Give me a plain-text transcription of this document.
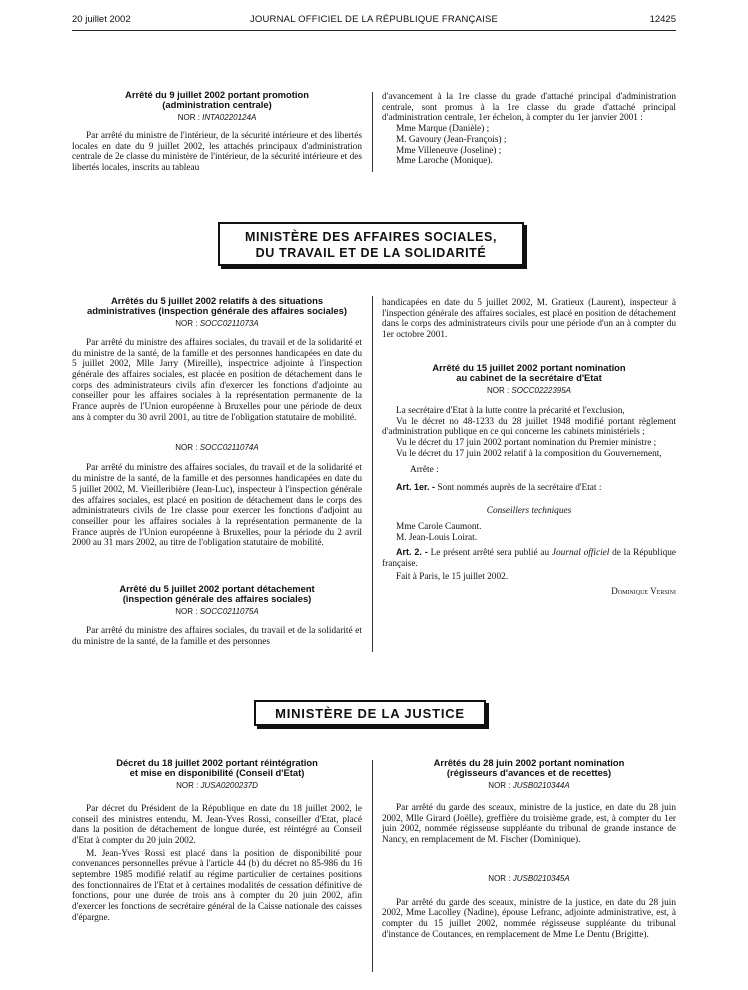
20 juillet 2002	JOURNAL OFFICIEL DE LA RÉPUBLIQUE FRANÇAISE	12425
Arrêté du 9 juillet 2002 portant promotion
(administration centrale)
NOR : INTA0220124A

Par arrêté du ministre de l'intérieur, de la sécurité intérieure et des libertés locales en date du 9 juillet 2002, les attachés principaux d'administration centrale de 2e classe du ministère de l'intérieur, de la sécurité intérieure et des libertés locales, inscrits au tableau

d'avancement à la 1re classe du grade d'attaché principal d'administration centrale, sont promus à la 1re classe du grade d'attaché principal d'administration centrale, 1er échelon, à compter du 1er janvier 2001 :

Mme Marque (Danièle) ;

M. Gavoury (Jean-François) ;

Mme Villeneuve (Joseline) ;

Mme Laroche (Monique).

MINISTÈRE DES AFFAIRES SOCIALES,
DU TRAVAIL ET DE LA SOLIDARITÉ
Arrêtés du 5 juillet 2002 relatifs à des situations
administratives (inspection générale des affaires sociales)
NOR : SOCC0211073A

Par arrêté du ministre des affaires sociales, du travail et de la solidarité et du ministre de la santé, de la famille et des personnes handicapées en date du 5 juillet 2002, Mlle Jarry (Mireille), inspectrice adjointe à l'inspection générale des affaires sociales, est placée en position de détachement dans le corps des administrateurs civils afin d'exercer les fonctions d'adjointe au conseiller pour les affaires sociales à la représentation permanente de la France auprès de l'Union européenne à Bruxelles pour une période de deux ans à compter du 30 avril 2001, au titre de l'obligation statutaire de mobilité.

NOR : SOCC0211074A

Par arrêté du ministre des affaires sociales, du travail et de la solidarité et du ministre de la santé, de la famille et des personnes handicapées en date du 5 juillet 2002, M. Vieilleribière (Jean-Luc), inspecteur à l'inspection générale des affaires sociales, est placé en position de détachement dans le corps des administrateurs civils de 1re classe pour exercer les fonctions d'adjoint au conseiller pour les affaires sociales à la représentation permanente de la France auprès de l'Union européenne à Bruxelles, pour la période du 2 avril 2000 au 31 mars 2002, au titre de l'obligation statutaire de mobilité.

Arrêté du 5 juillet 2002 portant détachement
(inspection générale des affaires sociales)
NOR : SOCC0211075A

Par arrêté du ministre des affaires sociales, du travail et de la solidarité et du ministre de la santé, de la famille et des personnes

handicapées en date du 5 juillet 2002, M. Gratieux (Laurent), inspecteur à l'inspection générale des affaires sociales, est placé en position de détachement dans le corps des administrateurs civils pour une période d'un an à compter du 1er octobre 2001.

Arrêté du 15 juillet 2002 portant nomination
au cabinet de la secrétaire d'Etat
NOR : SOCC0222395A

La secrétaire d'Etat à la lutte contre la précarité et l'exclusion,

Vu le décret no 48-1233 du 28 juillet 1948 modifié portant règlement d'administration publique en ce qui concerne les cabinets ministériels ;

Vu le décret du 17 juin 2002 portant nomination du Premier ministre ;

Vu le décret du 17 juin 2002 relatif à la composition du Gouvernement,

Arrête :

Art. 1er. - Sont nommés auprès de la secrétaire d'Etat :

Conseillers techniques

Mme Carole Caumont.

M. Jean-Louis Loirat.

Art. 2. - Le présent arrêté sera publié au Journal officiel de la République française.

Fait à Paris, le 15 juillet 2002.

Dominique Versini

MINISTÈRE DE LA JUSTICE
Décret du 18 juillet 2002 portant réintégration
et mise en disponibilité (Conseil d'Etat)
NOR : JUSA0200237D

Par décret du Président de la République en date du 18 juillet 2002, le conseil des ministres entendu, M. Jean-Yves Rossi, conseiller d'Etat, placé dans la position de détachement de longue durée, est réintégré au Conseil d'Etat à compter du 20 juin 2002.

M. Jean-Yves Rossi est placé dans la position de disponibilité pour convenances personnelles prévue à l'article 44 (b) du décret no 85-986 du 16 septembre 1985 modifié relatif au régime particulier de certaines positions des fonctionnaires de l'Etat et à certaines modalités de cessation définitive de fonctions, pour une durée de trois ans à compter du 20 juin 2002, afin d'exercer les fonctions de secrétaire général de la Caisse nationale des caisses d'épargne.

Arrêtés du 28 juin 2002 portant nomination
(régisseurs d'avances et de recettes)
NOR : JUSB0210344A

Par arrêté du garde des sceaux, ministre de la justice, en date du 28 juin 2002, Mlle Girard (Joëlle), greffière du troisième grade, est, à compter du 1er juin 2002, nommée régisseuse suppléante du tribunal de grande instance de Nancy, en remplacement de M. Fischer (Dominique).

NOR : JUSB0210345A

Par arrêté du garde des sceaux, ministre de la justice, en date du 28 juin 2002, Mme Lacolley (Nadine), épouse Lefranc, adjointe administrative, est, à compter du 15 juillet 2002, nommée régisseuse suppléante du tribunal d'instance de Coutances, en remplacement de Mme Le Dentu (Brigitte).
